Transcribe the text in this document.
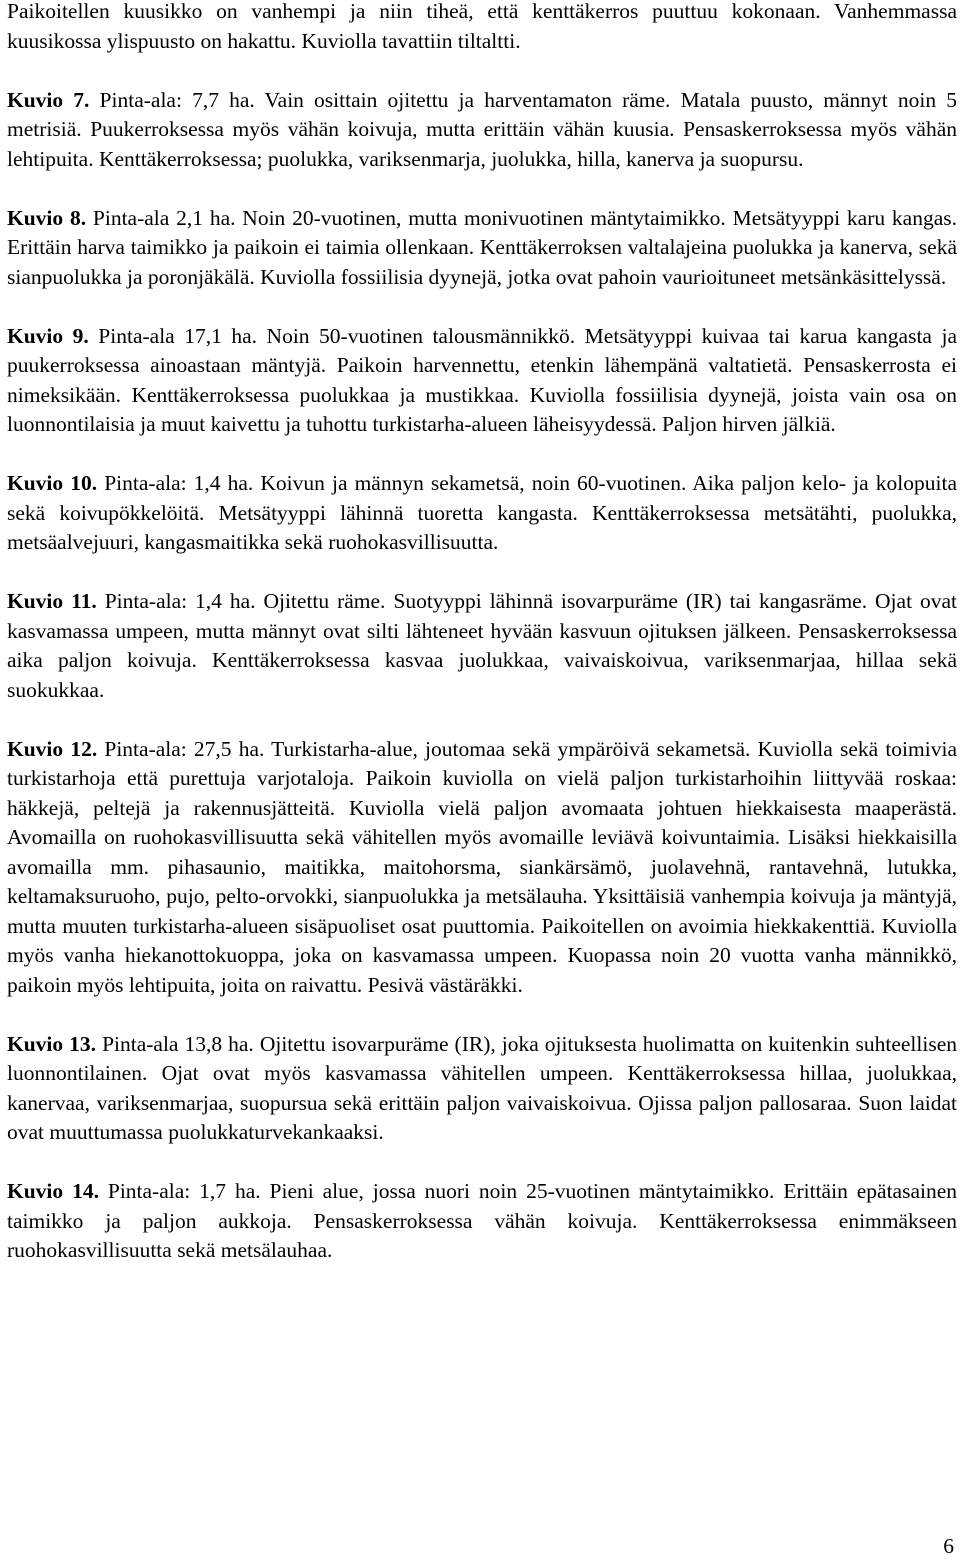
Paikoitellen kuusikko on vanhempi ja niin tiheä, että kenttäkerros puuttuu kokonaan. Vanhemmassa kuusikossa ylispuusto on hakattu. Kuviolla tavattiin tiltaltti.

Kuvio 7. Pinta-ala: 7,7 ha. Vain osittain ojitettu ja harventamaton räme. Matala puusto, männyt noin 5 metrisiä. Puukerroksessa myös vähän koivuja, mutta erittäin vähän kuusia. Pensaskerroksessa myös vähän lehtipuita. Kenttäkerroksessa; puolukka, variksenmarja, juolukka, hilla, kanerva ja suopursu.

Kuvio 8. Pinta-ala 2,1 ha. Noin 20-vuotinen, mutta monivuotinen mäntytaimikko. Metsätyyppi karu kangas. Erittäin harva taimikko ja paikoin ei taimia ollenkaan. Kenttäkerroksen valtalajeina puolukka ja kanerva, sekä sianpuolukka ja poronjäkälä. Kuviolla fossiilisia dyynejä, jotka ovat pahoin vaurioituneet metsänkäsittelyssä.

Kuvio 9. Pinta-ala 17,1 ha. Noin 50-vuotinen talousmännikkö. Metsätyyppi kuivaa tai karua kangasta ja puukerroksessa ainoastaan mäntyjä. Paikoin harvennettu, etenkin lähempänä valtatietä. Pensaskerrosta ei nimeksikään. Kenttäkerroksessa puolukkaa ja mustikkaa. Kuviolla fossiilisia dyynejä, joista vain osa on luonnontilaisia ja muut kaivettu ja tuhottu turkistarha-alueen läheisyydessä. Paljon hirven jälkiä.

Kuvio 10. Pinta-ala: 1,4 ha. Koivun ja männyn sekametsä, noin 60-vuotinen. Aika paljon kelo- ja kolopuita sekä koivupökkelöitä. Metsätyyppi lähinnä tuoretta kangasta. Kenttäkerroksessa metsätähti, puolukka, metsäalvejuuri, kangasmaitikka sekä ruohokasvillisuutta.

Kuvio 11. Pinta-ala: 1,4 ha. Ojitettu räme. Suotyyppi lähinnä isovarpuräme (IR) tai kangasräme. Ojat ovat kasvamassa umpeen, mutta männyt ovat silti lähteneet hyvään kasvuun ojituksen jälkeen. Pensaskerroksessa aika paljon koivuja. Kenttäkerroksessa kasvaa juolukkaa, vaivaiskoivua, variksenmarjaa, hillaa sekä suokukkaa.

Kuvio 12. Pinta-ala: 27,5 ha. Turkistarha-alue, joutomaa sekä ympäröivä sekametsä. Kuviolla sekä toimivia turkistarhoja että purettuja varjotaloja. Paikoin kuviolla on vielä paljon turkistarhoihin liittyvää roskaa: häkkejä, peltejä ja rakennusjätteitä. Kuviolla vielä paljon avomaata johtuen hiekkaisesta maaperästä. Avomailla on ruohokasvillisuutta sekä vähitellen myös avomaille leviävä koivuntaimia. Lisäksi hiekkaisilla avomailla mm. pihasaunio, maitikka, maitohorsma, siankärsämö, juolavehnä, rantavehnä, lutukka, keltamaksuruoho, pujo, pelto-orvokki, sianpuolukka ja metsälauha. Yksittäisiä vanhempia koivuja ja mäntyjä, mutta muuten turkistarha-alueen sisäpuoliset osat puuttomia. Paikoitellen on avoimia hiekkakenttiä. Kuviolla myös vanha hiekanottokuoppa, joka on kasvamassa umpeen. Kuopassa noin 20 vuotta vanha männikkö, paikoin myös lehtipuita, joita on raivattu. Pesivä västäräkki.

Kuvio 13. Pinta-ala 13,8 ha. Ojitettu isovarpuräme (IR), joka ojituksesta huolimatta on kuitenkin suhteellisen luonnontilainen. Ojat ovat myös kasvamassa vähitellen umpeen. Kenttäkerroksessa hillaa, juolukkaa, kanervaa, variksenmarjaa, suopursua sekä erittäin paljon vaivaiskoivua. Ojissa paljon pallosaraa. Suon laidat ovat muuttumassa puolukkaturvekankaaksi.

Kuvio 14. Pinta-ala: 1,7 ha. Pieni alue, jossa nuori noin 25-vuotinen mäntytaimikko. Erittäin epätasainen taimikko ja paljon aukkoja. Pensaskerroksessa vähän koivuja. Kenttäkerroksessa enimmäkseen ruohokasvillisuutta sekä metsälauhaa.

6
